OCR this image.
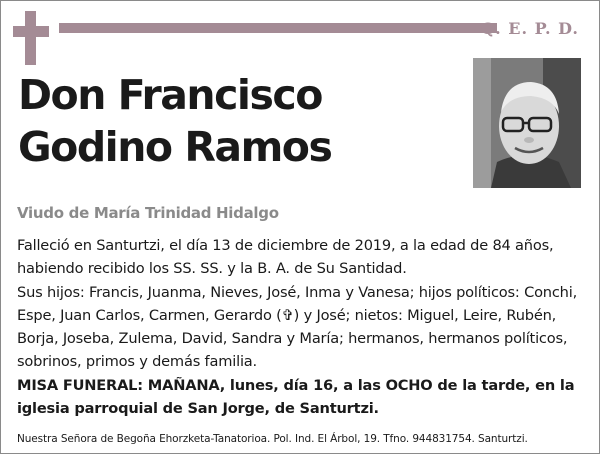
Q. E. P. D.
Don Francisco
Godino Ramos
Viudo de María Trinidad Hidalgo
Falleció en Santurtzi, el día 13 de diciembre de 2019, a la edad de 84 años, habiendo recibido los SS. SS. y la B. A. de Su Santidad.
Sus hijos: Francis, Juanma, Nieves, José, Inma y Vanesa; hijos políticos: Conchi, Espe, Juan Carlos, Carmen, Gerardo (✞) y José; nietos: Miguel, Leire, Rubén, Borja, Joseba, Zulema, David, Sandra y María; hermanos, hermanos políticos, sobrinos, primos y demás familia.
MISA FUNERAL: MAÑANA, lunes, día 16, a las OCHO de la tarde, en la iglesia parroquial de San Jorge, de Santurtzi.
Nuestra Señora de Begoña Ehorzketa-Tanatorioa. Pol. Ind. El Árbol, 19. Tfno. 944831754. Santurtzi.
